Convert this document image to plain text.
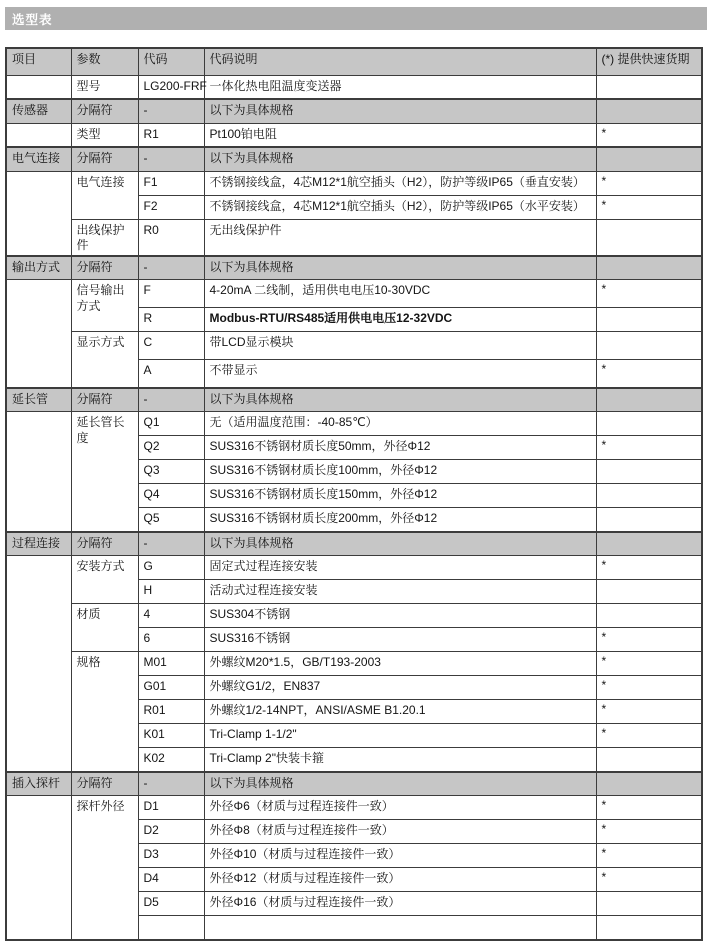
选型表
项目	参数	代码	代码说明	(*) 提供快速货期
	型号	LG200-FRF	一体化热电阻温度变送器	
传感器	分隔符	-	以下为具体规格	
	类型	R1	Pt100铂电阻	*
电气连接	分隔符	-	以下为具体规格	
	电气连接	F1	不锈钢接线盒，4芯M12*1航空插头（H2），防护等级IP65（垂直安装）	*
		F2	不锈钢接线盒，4芯M12*1航空插头（H2），防护等级IP65（水平安装）	*
	出线保护件	R0	无出线保护件	
输出方式	分隔符	-	以下为具体规格	
	信号输出方式	F	4-20mA 二线制，适用供电电压10-30VDC	*
		R	Modbus-RTU/RS485适用供电电压12-32VDC	
	显示方式	C	带LCD显示模块	
		A	不带显示	*
延长管	分隔符	-	以下为具体规格	
	延长管长度	Q1	无（适用温度范围：-40-85℃）	
		Q2	SUS316不锈钢材质长度50mm，外径Φ12	*
		Q3	SUS316不锈钢材质长度100mm，外径Φ12	
		Q4	SUS316不锈钢材质长度150mm，外径Φ12	
		Q5	SUS316不锈钢材质长度200mm，外径Φ12	
过程连接	分隔符	-	以下为具体规格	
	安装方式	G	固定式过程连接安装	*
		H	活动式过程连接安装	
	材质	4	SUS304不锈钢	
		6	SUS316不锈钢	*
	规格	M01	外螺纹M20*1.5，GB/T193-2003	*
		G01	外螺纹G1/2，EN837	*
		R01	外螺纹1/2-14NPT，ANSI/ASME B1.20.1	*
		K01	Tri-Clamp 1-1/2"	*
		K02	Tri-Clamp 2"快装卡箍	
插入探杆	分隔符	-	以下为具体规格	
	探杆外径	D1	外径Φ6（材质与过程连接件一致）	*
		D2	外径Φ8（材质与过程连接件一致）	*
		D3	外径Φ10（材质与过程连接件一致）	*
		D4	外径Φ12（材质与过程连接件一致）	*
		D5	外径Φ16（材质与过程连接件一致）	
